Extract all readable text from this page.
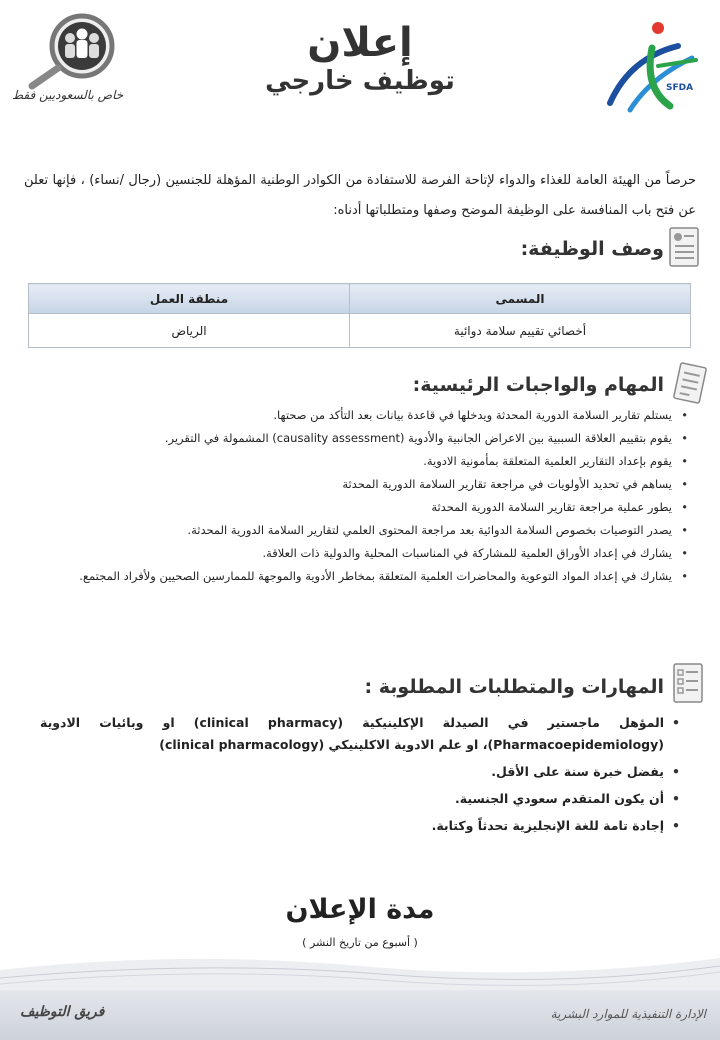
SFDA
إعلان
توظيف خارجي
خاص بالسعوديين فقط

حرصاً من الهيئة العامة للغذاء والدواء لإتاحة الفرصة للاستفادة من الكوادر الوطنية المؤهلة للجنسين (رجال /نساء) ، فإنها تعلن عن فتح باب المنافسة على الوظيفة الموضح وصفها ومتطلباتها أدناه:

وصف الوظيفة:
المسمى	منطقة العمل
أخصائي تقييم سلامة دوائية	الرياض
المهام والواجبات الرئيسية:
• يستلم تقارير السلامة الدورية المحدثة ويدخلها في قاعدة بيانات بعد التأكد من صحتها.
• يقوم بتقييم العلاقة السببية بين الاعراض الجانبية والأدوية (causality assessment) المشمولة في التقرير.
• يقوم بإعداد التقارير العلمية المتعلقة بمأمونية الادوية.
• يساهم في تحديد الأولويات في مراجعة تقارير السلامة الدورية المحدثة
• يطور عملية مراجعة تقارير السلامة الدورية المحدثة
• يصدر التوصيات بخصوص السلامة الدوائية بعد مراجعة المحتوى العلمي لتقارير السلامة الدورية المحدثة.
• يشارك في إعداد الأوراق العلمية للمشاركة في المناسبات المحلية والدولية ذات العلاقة.
• يشارك في إعداد المواد التوعوية والمحاضرات العلمية المتعلقة بمخاطر الأدوية والموجهة للممارسين الصحيين ولأفراد المجتمع.
المهارات والمتطلبات المطلوبة :
• المؤهل ماجستير في الصيدلة الإكلينيكية (clinical pharmacy) او وبائيات الادوية (Pharmacoepidemiology)، او علم الادوية الاكلينيكي (clinical pharmacology)
• يفضل خبرة سنة على الأقل.
• أن يكون المتقدم سعودي الجنسية.
• إجادة تامة للغة الإنجليزية تحدثاً وكتابة.
مدة الإعلان
( أسبوع من تاريخ النشر )
الإدارة التنفيذية للموارد البشرية
فريق التوظيف
